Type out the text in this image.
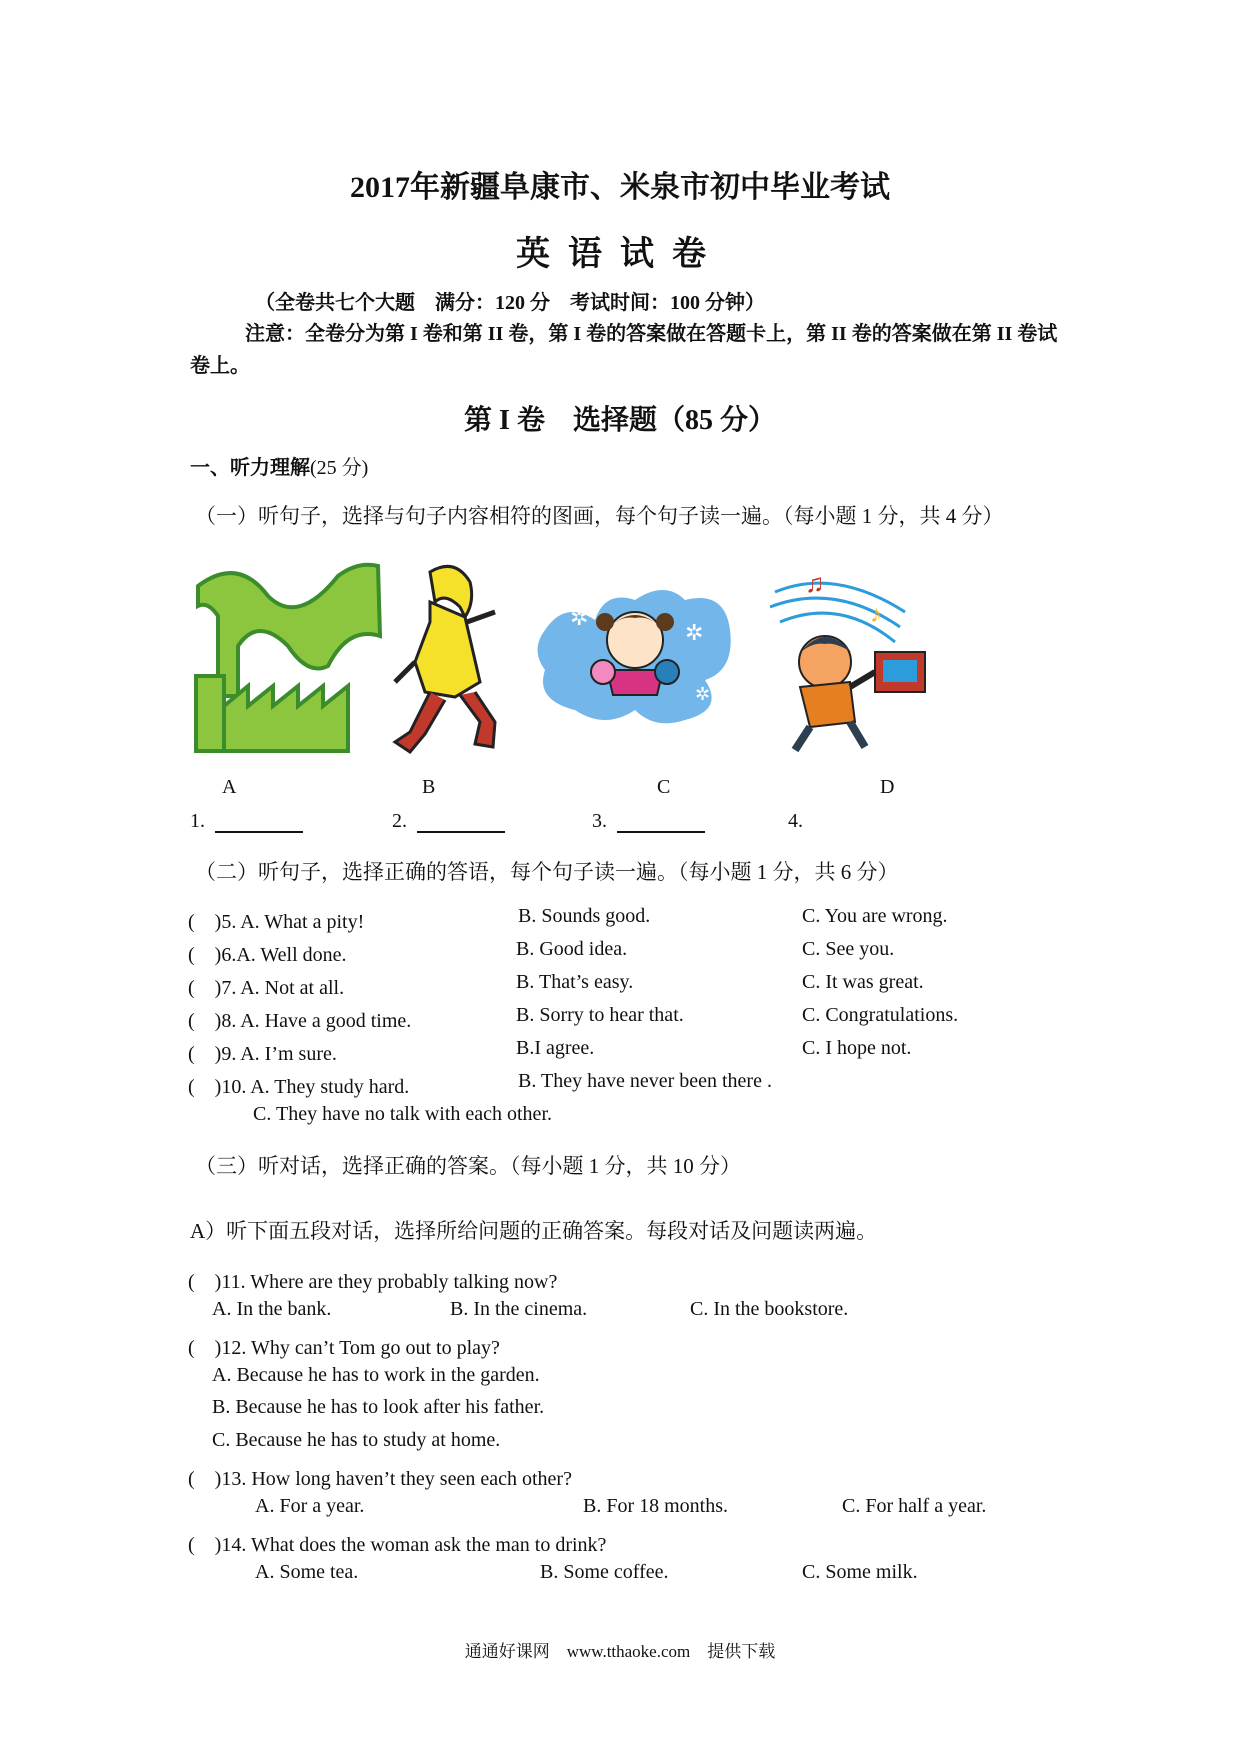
2017年新疆阜康市、米泉市初中毕业考试
英语试卷
（全卷共七个大题　满分：120 分　考试时间：100 分钟）
注意：全卷分为第 I 卷和第 II 卷，第 I 卷的答案做在答题卡上，第 II 卷的答案做在第 II 卷试卷上。
第 I 卷　选择题（85 分）
一、听力理解(25 分)
（一）听句子，选择与句子内容相符的图画，每个句子读一遍。（每小题 1 分，共 4 分）
✲
✲
✲
♫
♪
A	B	C	D
1.	2.	3.	4.
（二）听句子，选择正确的答语，每个句子读一遍。（每小题 1 分，共 6 分）
(　)5. A. What a pity!	B. Sounds good.	C. You are wrong.
(　)6.A. Well done.	B. Good idea.	C. See you.
(　)7. A. Not at all.	B. That’s easy.	C. It was great.
(　)8. A. Have a good time.	B. Sorry to hear that.	C. Congratulations.
(　)9. A. I’m sure.	B.I agree.	C. I hope not.
(　)10. A. They study hard.	B. They have never been there .
C. They have no talk with each other.
（三）听对话，选择正确的答案。（每小题 1 分，共 10 分）
A）听下面五段对话，选择所给问题的正确答案。每段对话及问题读两遍。
(　)11. Where are they probably talking now?
A. In the bank.	B. In the cinema.	C. In the bookstore.
(　)12. Why can’t Tom go out to play?
A. Because he has to work in the garden.
B. Because he has to look after his father.
C. Because he has to study at home.
(　)13. How long haven’t they seen each other?
A. For a year.	B. For 18 months.	C. For half a year.
(　)14. What does the woman ask the man to drink?
A. Some tea.	B. Some coffee.	C. Some milk.
通通好课网　www.tthaoke.com　提供下载
